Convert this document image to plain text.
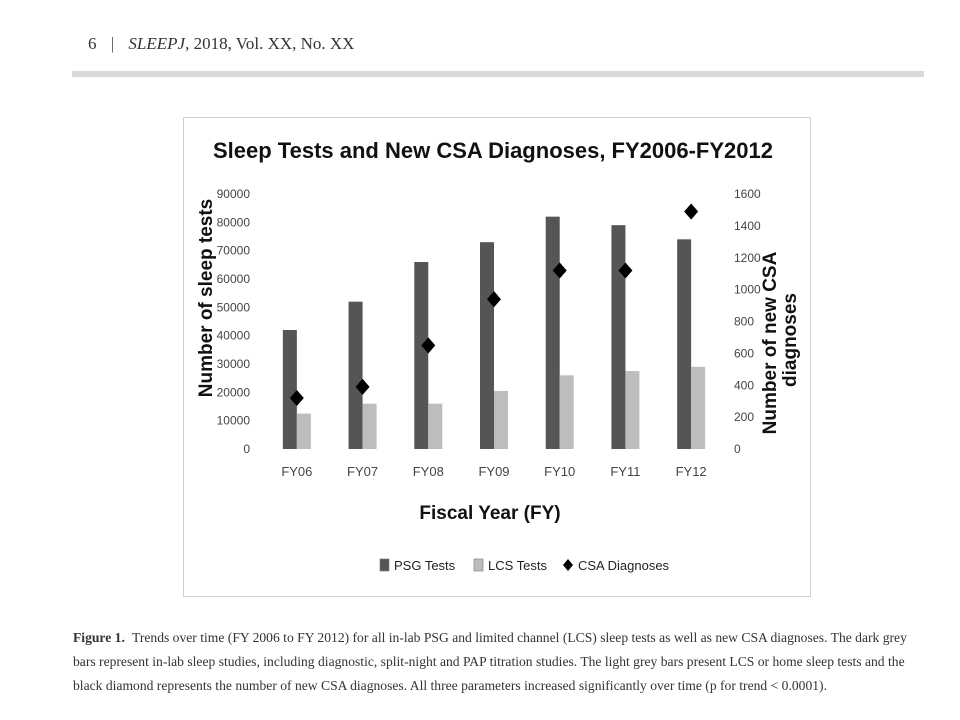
6 | SLEEPJ, 2018, Vol. XX, No. XX
Sleep Tests and New CSA Diagnoses, FY2006-FY2012
Number of sleep tests	Number of new CSA diagnoses
Fiscal Year (FY)
0
10000
20000
30000
40000
50000
60000
70000
80000
90000
0
200
400
600
800
1000
1200
1400
1600
FY06	FY07	FY08	FY09	FY10	FY11	FY12
PSG Tests	LCS Tests CSA Diagnoses
Figure 1. Trends over time (FY 2006 to FY 2012) for all in-lab PSG and limited channel (LCS) sleep tests as well as new CSA diagnoses. The dark grey bars represent in-lab sleep studies, including diagnostic, split-night and PAP titration studies. The light grey bars present LCS or home sleep tests and the black diamond represents the number of new CSA diagnoses. All three parameters increased significantly over time (p for trend < 0.0001).
